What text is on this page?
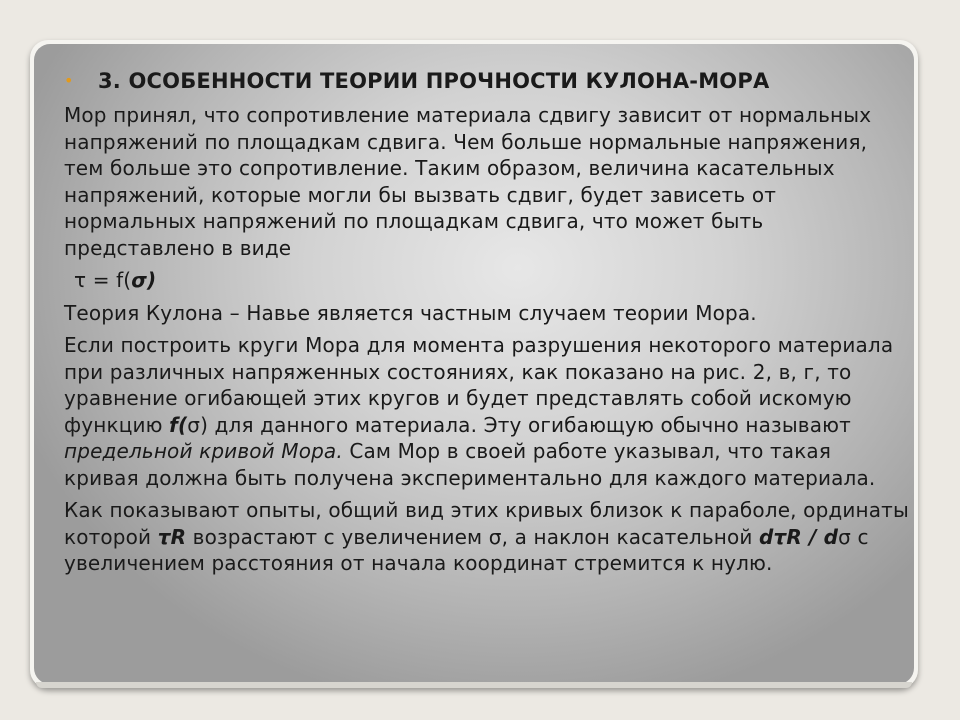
• 3. ОСОБЕННОСТИ ТЕОРИИ ПРОЧНОСТИ КУЛОНА-МОРА

Мор принял, что сопротивление материала сдвигу зависит от нормальных напряжений по площадкам сдвига. Чем больше нормальные напряжения, тем больше это сопротивление. Таким образом, величина касательных напряжений, которые могли бы вызвать сдвиг, будет зависеть от нормальных напряжений по площадкам сдвига, что может быть представлено в виде

τ = f(σ)

Теория Кулона – Навье является частным случаем теории Мора.

Если построить круги Мора для момента разрушения некоторого материала при различных напряженных состояниях, как показано на рис. 2, в, г, то уравнение огибающей этих кругов и будет представлять собой искомую функцию f(σ) для данного материала. Эту огибающую обычно называют предельной кривой Мора. Сам Мор в своей работе указывал, что такая кривая должна быть получена экспериментально для каждого материала.

Как показывают опыты, общий вид этих кривых близок к параболе, ординаты которой τR возрастают с увеличением σ, а наклон касательной dτR / dσ с увеличением расстояния от начала координат стремится к нулю.
